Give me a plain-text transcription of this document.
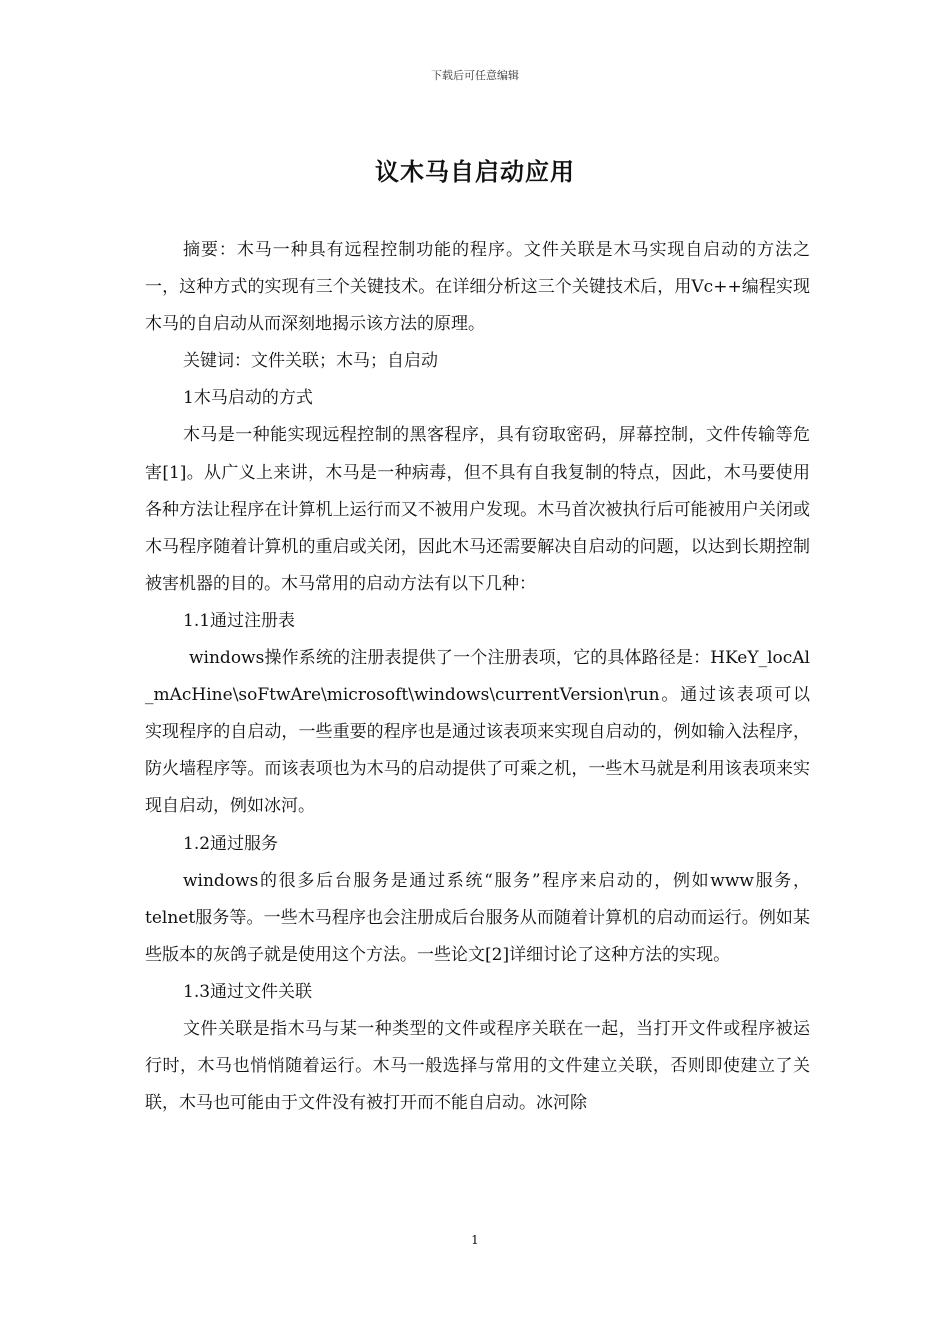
下载后可任意编辑
议木马自启动应用

摘要：木马一种具有远程控制功能的程序。文件关联是木马实现自启动的方法之一，这种方式的实现有三个关键技术。在详细分析这三个关键技术后，用Vc++编程实现木马的自启动从而深刻地揭示该方法的原理。

关键词：文件关联；木马；自启动

1木马启动的方式

木马是一种能实现远程控制的黑客程序，具有窃取密码，屏幕控制，文件传输等危害[1]。从广义上来讲，木马是一种病毒，但不具有自我复制的特点，因此，木马要使用各种方法让程序在计算机上运行而又不被用户发现。木马首次被执行后可能被用户关闭或木马程序随着计算机的重启或关闭，因此木马还需要解决自启动的问题，以达到长期控制被害机器的目的。木马常用的启动方法有以下几种：

1.1通过注册表

windows操作系统的注册表提供了一个注册表项，它的具体路径是：HKeY_locAl_mAcHine\soFtwAre\microsoft\windows\currentVersion\run。通过该表项可以实现程序的自启动，一些重要的程序也是通过该表项来实现自启动的，例如输入法程序，防火墙程序等。而该表项也为木马的启动提供了可乘之机，一些木马就是利用该表项来实现自启动，例如冰河。

1.2通过服务

windows的很多后台服务是通过系统“服务”程序来启动的，例如www服务，telnet服务等。一些木马程序也会注册成后台服务从而随着计算机的启动而运行。例如某些版本的灰鸽子就是使用这个方法。一些论文[2]详细讨论了这种方法的实现。

1.3通过文件关联

文件关联是指木马与某一种类型的文件或程序关联在一起，当打开文件或程序被运行时，木马也悄悄随着运行。木马一般选择与常用的文件建立关联，否则即使建立了关联，木马也可能由于文件没有被打开而不能自启动。冰河除

1
